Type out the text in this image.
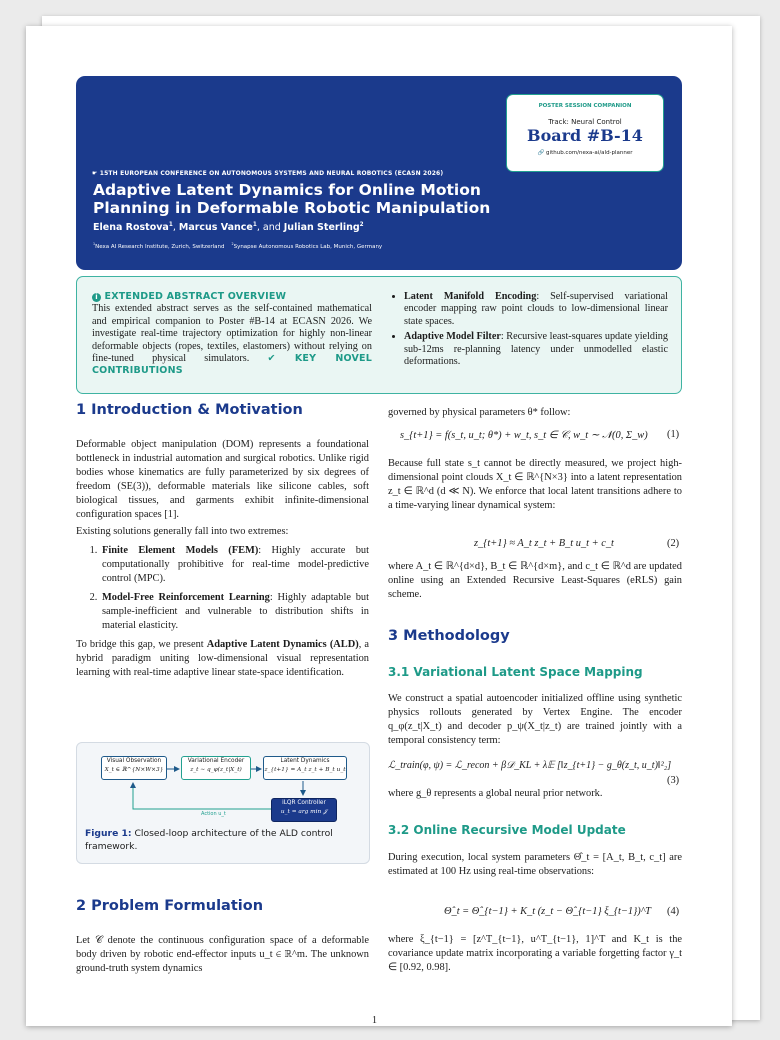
POSTER SESSION COMPANION
Track: Neural Control
Board #B-14
🔗 github.com/nexa-ai/ald-planner
☛ 15TH EUROPEAN CONFERENCE ON AUTONOMOUS SYSTEMS AND NEURAL ROBOTICS (ECASN 2026)
Adaptive Latent Dynamics for Online Motion Planning in Deformable Robotic Manipulation
Elena Rostova$^1$, Marcus Vance$^1$, and Julian Sterling$^2$
$^1$Nexa AI Research Institute, Zurich, Switzerland $^2$Synapse Autonomous Robotics Lab, Munich, Germany
i EXTENDED ABSTRACT OVERVIEW
This extended abstract serves as the self-contained mathematical and empirical companion to Poster #B-14 at ECASN 2026. We investigate real-time trajectory optimization for highly non-linear deformable objects (ropes, textiles, elastomers) without relying on fine-tuned physical simulators. ✔ KEY NOVEL CONTRIBUTIONS
• Latent Manifold Encoding: Self-supervised variational encoder mapping raw point clouds to low-dimensional linear state spaces.
• Adaptive Model Filter: Recursive least-squares update yielding sub-12ms re-planning latency under unmodelled elastic deformations.
1 Introduction & Motivation

Deformable object manipulation (DOM) represents a foundational bottleneck in industrial automation and surgical robotics. Unlike rigid bodies whose kinematics are fully parameterized by six degrees of freedom (SE(3)), deformable materials like silicone cables, soft biological tissues, and garments exhibit infinite-dimensional configuration spaces [1].

Existing solutions generally fall into two extremes:

1. Finite Element Models (FEM): Highly accurate but computationally prohibitive for real-time model-predictive control (MPC).
2. Model-Free Reinforcement Learning: Highly adaptable but sample-inefficient and vulnerable to distribution shifts in material elasticity.

To bridge this gap, we present Adaptive Latent Dynamics (ALD), a hybrid paradigm uniting low-dimensional visual representation learning with real-time adaptive linear state-space identification.

Visual Observation
X_t ∈ ℝ^{N×W×3}
Variational Encoder
z_t ∼ q_φ(z_t|X_t)
Latent Dynamics
z_{t+1} = A_t z_t + B_t u_t
iLQR Controller
u_t = arg min 𝒥
Action u_t
Figure 1: Closed-loop architecture of the ALD control framework.
2 Problem Formulation

Let 𝒞 denote the continuous configuration space of a deformable body driven by robotic end-effector inputs u_t ∈ ℝ^m. The unknown ground-truth system dynamics

governed by physical parameters θ* follow:

s_{t+1} = f(s_t, u_t; θ*) + w_t, s_t ∈ 𝒞, w_t ∼ 𝒩(0, Σ_w) (1)

Because full state s_t cannot be directly measured, we project high-dimensional point clouds X_t ∈ ℝ^{N×3} into a latent representation z_t ∈ ℝ^d (d ≪ N). We enforce that local latent transitions adhere to a time-varying linear dynamical system:

z_{t+1} ≈ A_t z_t + B_t u_t + c_t	(2)

where A_t ∈ ℝ^{d×d}, B_t ∈ ℝ^{d×m}, and c_t ∈ ℝ^d are updated online using an Extended Recursive Least-Squares (eRLS) gain scheme.

3 Methodology
3.1 Variational Latent Space Mapping

We construct a spatial autoencoder initialized offline using synthetic physics rollouts generated by Vertex Engine. The encoder q_φ(z_t|X_t) and decoder p_ψ(X_t|z_t) are trained jointly with a temporal consistency term:

ℒ_train(φ, ψ) = ℒ_recon + β𝒟_KL + λ𝔼 [‖z_{t+1} − g_θ(z_t, u_t)‖²₂]
(3)

where g_θ represents a global neural prior network.

3.2 Online Recursive Model Update

During execution, local system parameters Θ̂_t = [A_t, B_t, c_t] are estimated at 100 Hz using real-time observations:

Θ̂_t = Θ̂_{t−1} + K_t (z_t − Θ̂_{t−1} ξ_{t−1})^T (4)

where ξ_{t−1} = [z^T_{t−1}, u^T_{t−1}, 1]^T and K_t is the covariance update matrix incorporating a variable forgetting factor γ_t ∈ [0.92, 0.98].

1
